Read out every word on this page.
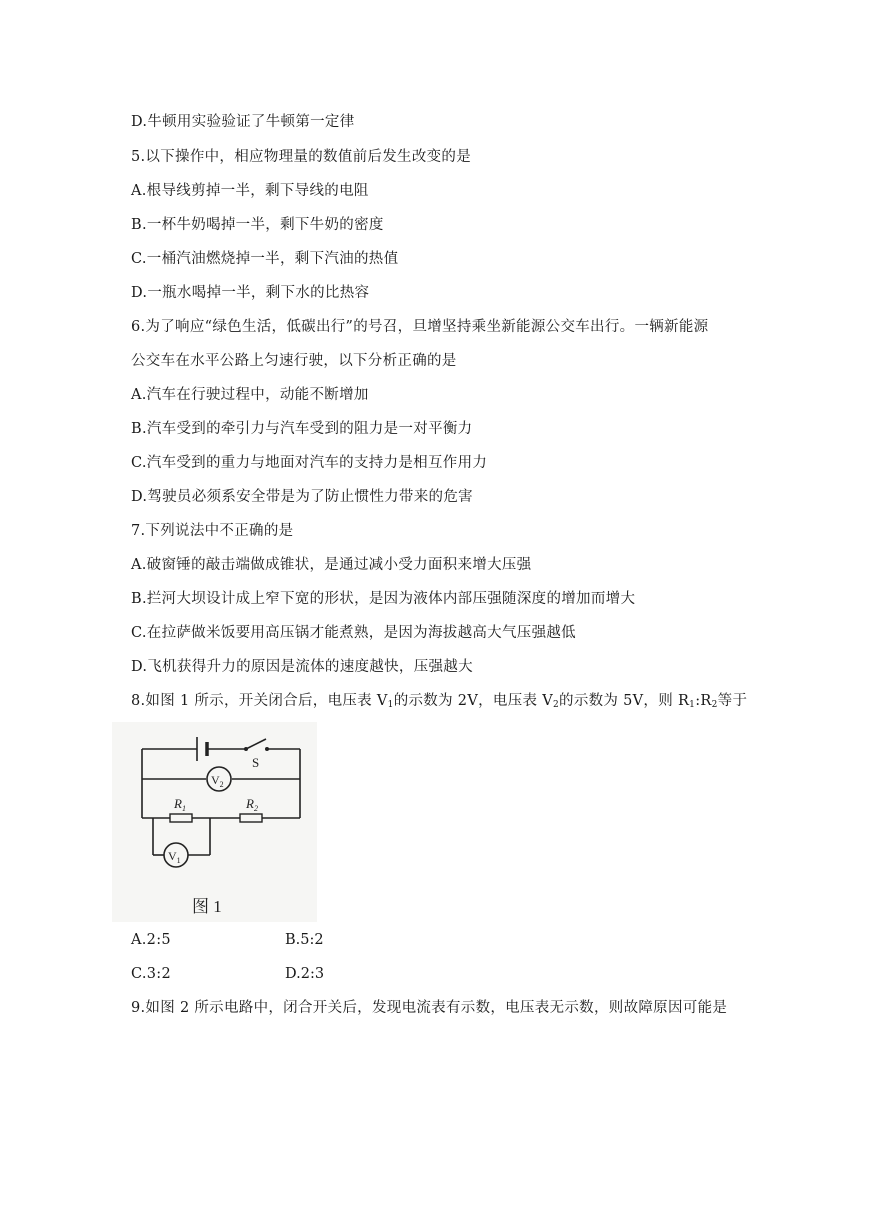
D.牛顿用实验验证了牛顿第一定律
5.以下操作中，相应物理量的数值前后发生改变的是
A.根导线剪掉一半，剩下导线的电阻
B.一杯牛奶喝掉一半，剩下牛奶的密度
C.一桶汽油燃烧掉一半，剩下汽油的热值
D.一瓶水喝掉一半，剩下水的比热容
6.为了响应“绿色生活，低碳出行”的号召，旦增坚持乘坐新能源公交车出行。一辆新能源
公交车在水平公路上匀速行驶，以下分析正确的是
A.汽车在行驶过程中，动能不断增加
B.汽车受到的牵引力与汽车受到的阻力是一对平衡力
C.汽车受到的重力与地面对汽车的支持力是相互作用力
D.驾驶员必须系安全带是为了防止惯性力带来的危害
7.下列说法中不正确的是
A.破窗锤的敲击端做成锥状，是通过减小受力面积来增大压强
B.拦河大坝设计成上窄下宽的形状，是因为液体内部压强随深度的增加而增大
C.在拉萨做米饭要用高压锅才能煮熟，是因为海拔越高大气压强越低
D.飞机获得升力的原因是流体的速度越快，压强越大
8.如图 1 所示，开关闭合后，电压表 $V_1$的示数为 2V，电压表 $V_2$的示数为 5V，则 $R_1:R_2$等于
S
$V_2$
$R_1$	$R_2$
$V_1$
图 1
A.2:5	B.5:2
C.3:2	D.2:3
9.如图 2 所示电路中，闭合开关后，发现电流表有示数，电压表无示数，则故障原因可能是
